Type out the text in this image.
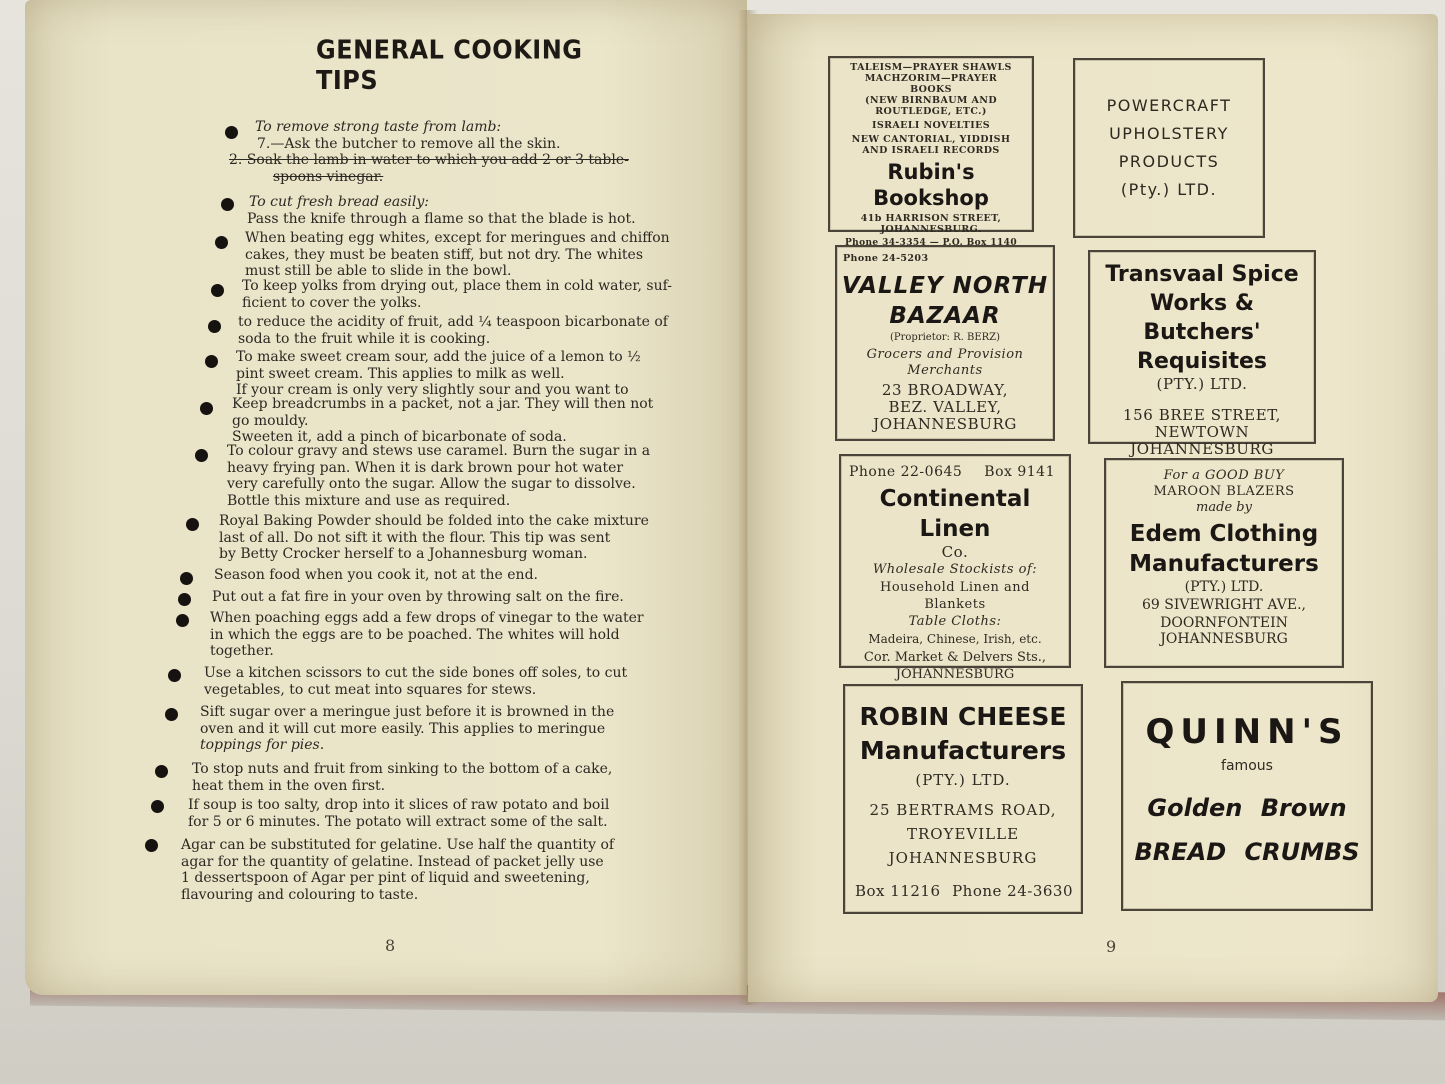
GENERAL COOKING TIPS
To remove strong taste from lamb:
7.—Ask the butcher to remove all the skin.
2. Soak the lamb in water to which you add 2 or 3 table-
spoons vinegar.
To cut fresh bread easily:
Pass the knife through a flame so that the blade is hot.
When beating egg whites, except for meringues and chiffon
cakes, they must be beaten stiff, but not dry. The whites
must still be able to slide in the bowl.
To keep yolks from drying out, place them in cold water, suf-
ficient to cover the yolks.
to reduce the acidity of fruit, add ¼ teaspoon bicarbonate of
soda to the fruit while it is cooking.
To make sweet cream sour, add the juice of a lemon to ½
pint sweet cream. This applies to milk as well.
If your cream is only very slightly sour and you want to
Keep breadcrumbs in a packet, not a jar. They will then not
go mouldy.
Sweeten it, add a pinch of bicarbonate of soda.
To colour gravy and stews use caramel. Burn the sugar in a
heavy frying pan. When it is dark brown pour hot water
very carefully onto the sugar. Allow the sugar to dissolve.
Bottle this mixture and use as required.
Royal Baking Powder should be folded into the cake mixture
last of all. Do not sift it with the flour. This tip was sent
by Betty Crocker herself to a Johannesburg woman.
Season food when you cook it, not at the end.
Put out a fat fire in your oven by throwing salt on the fire.
When poaching eggs add a few drops of vinegar to the water
in which the eggs are to be poached. The whites will hold
together.
Use a kitchen scissors to cut the side bones off soles, to cut
vegetables, to cut meat into squares for stews.
Sift sugar over a meringue just before it is browned in the
oven and it will cut more easily. This applies to meringue
toppings for pies.
To stop nuts and fruit from sinking to the bottom of a cake,
heat them in the oven first.
If soup is too salty, drop into it slices of raw potato and boil
for 5 or 6 minutes. The potato will extract some of the salt.
Agar can be substituted for gelatine. Use half the quantity of
agar for the quantity of gelatine. Instead of packet jelly use
1 dessertspoon of Agar per pint of liquid and sweetening,
flavouring and colouring to taste.
8	9
TALEISM—PRAYER SHAWLS
MACHZORIM—PRAYER
BOOKS
(NEW BIRNBAUM AND
ROUTLEDGE, ETC.)
ISRAELI NOVELTIES
NEW CANTORIAL, YIDDISH
AND ISRAELI RECORDS
Rubin's Bookshop
41b HARRISON STREET,
JOHANNESBURG.
Phone 34-3354 — P.O. Box 1140
POWERCRAFT
UPHOLSTERY
PRODUCTS
(Pty.) LTD.
Phone 24-5203
VALLEY NORTH
BAZAAR
(Proprietor: R. BERZ)
Grocers and Provision
Merchants
23 BROADWAY,
BEZ. VALLEY,
JOHANNESBURG
Transvaal Spice
Works & Butchers'
Requisites
(PTY.) LTD.
156 BREE STREET,
NEWTOWN
JOHANNESBURG
Phone 22-0645 Box 9141
Continental Linen
Co.
Wholesale Stockists of:
Household Linen and
Blankets
Table Cloths:
Madeira, Chinese, Irish, etc.
Cor. Market & Delvers Sts.,
JOHANNESBURG
For a GOOD BUY
MAROON BLAZERS
made by
Edem Clothing
Manufacturers
(PTY.) LTD.
69 SIVEWRIGHT AVE.,
DOORNFONTEIN
JOHANNESBURG
ROBIN CHEESE
Manufacturers
(PTY.) LTD.
25 BERTRAMS ROAD,
TROYEVILLE
JOHANNESBURG
Box 11216 Phone 24-3630
QUINN'S
famous
Golden Brown
BREAD CRUMBS
